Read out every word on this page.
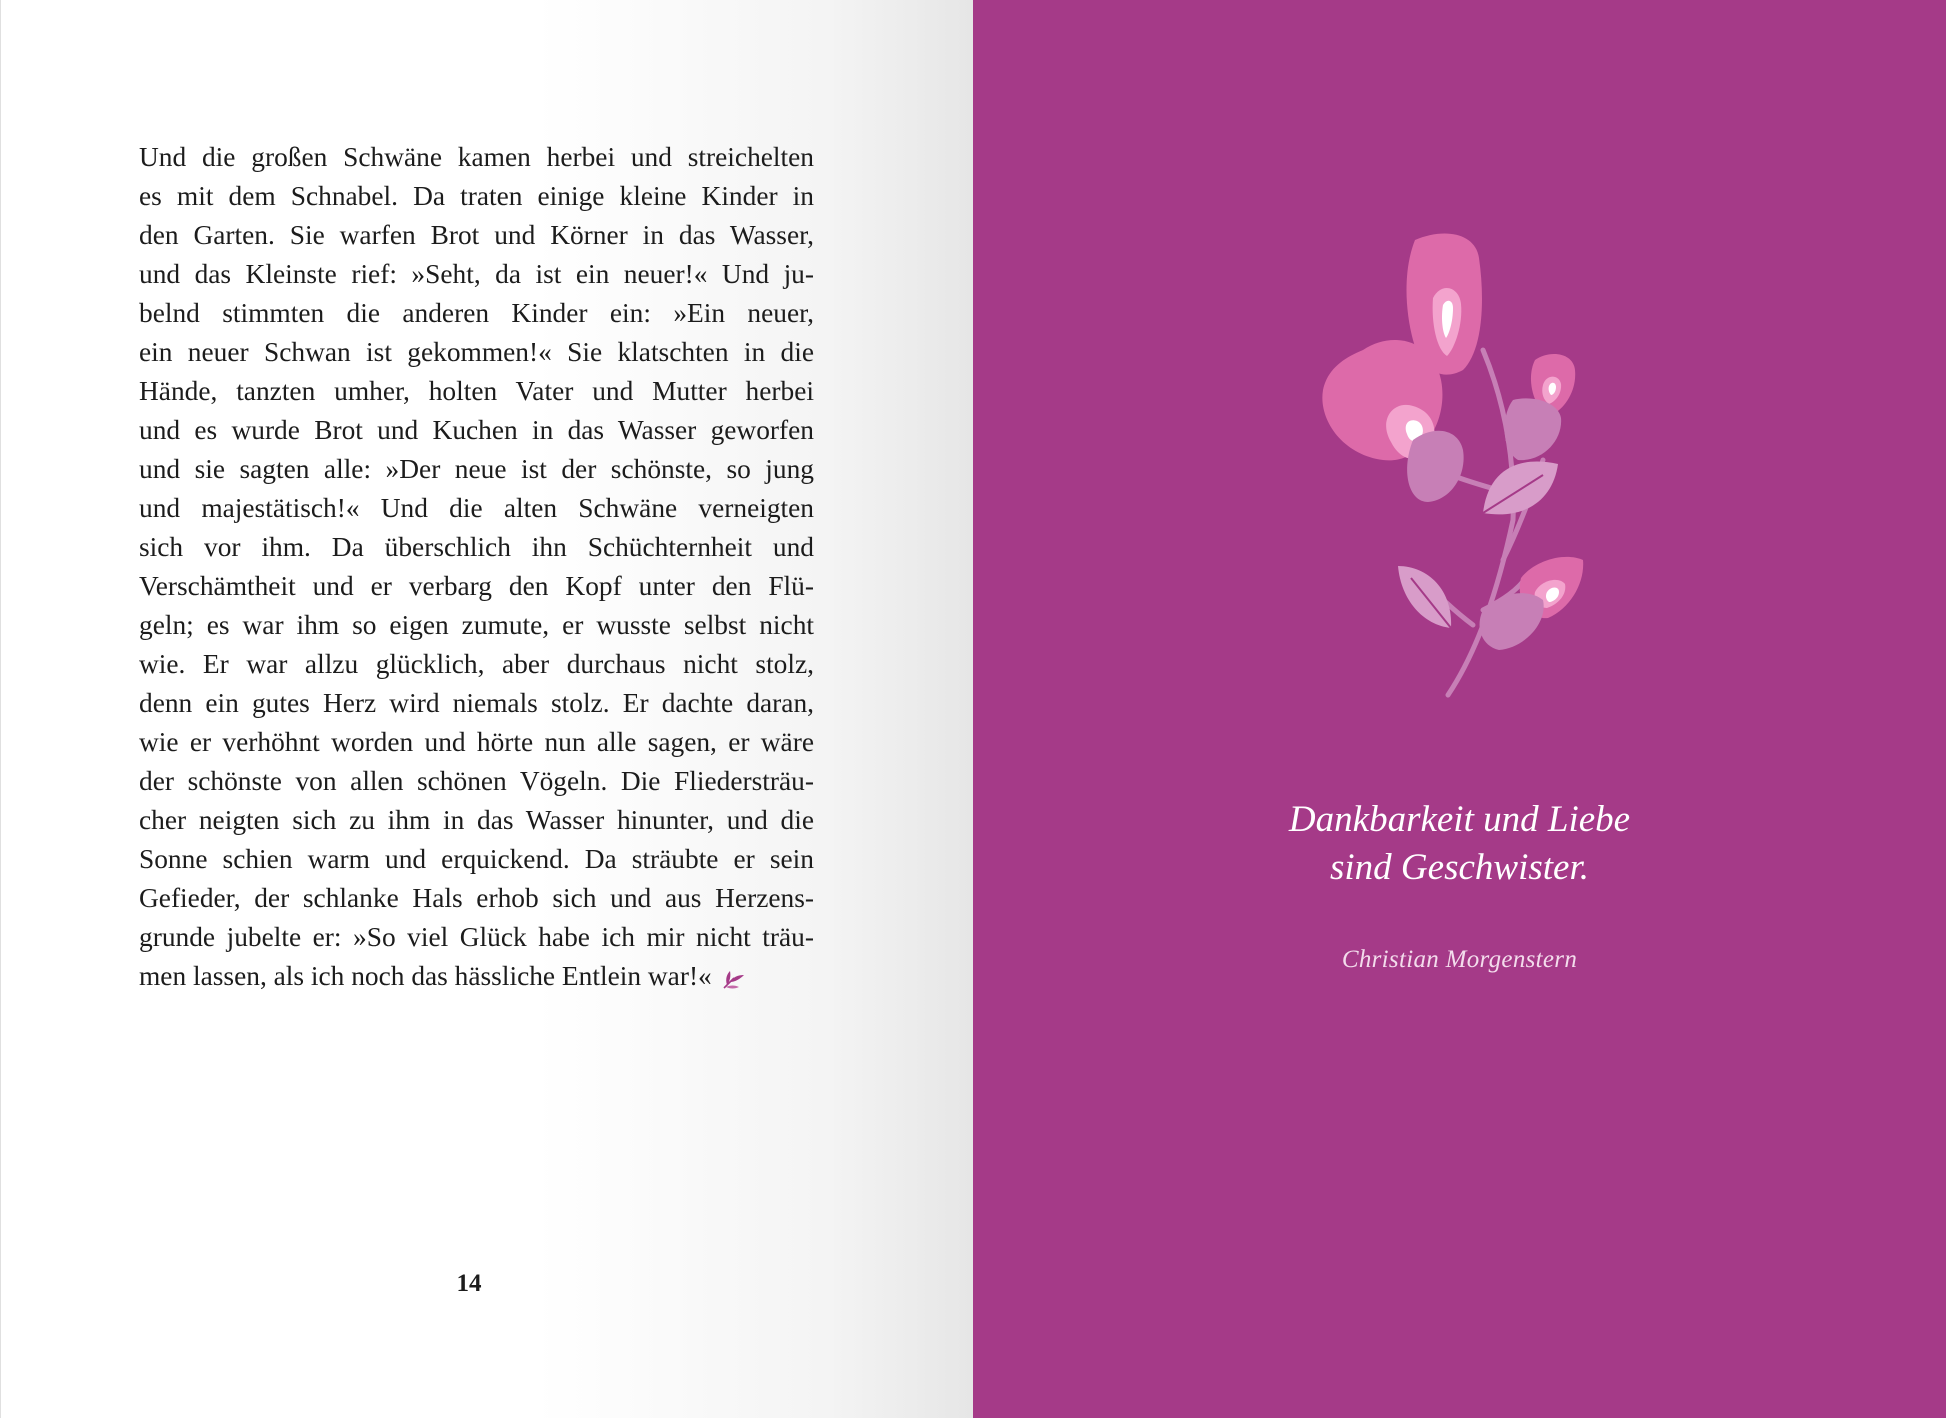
Und die großen Schwäne kamen herbei und streichelten
es mit dem Schnabel. Da traten einige kleine Kinder in
den Garten. Sie warfen Brot und Körner in das Wasser,
und das Kleinste rief: »Seht, da ist ein neuer!« Und ju-
belnd stimmten die anderen Kinder ein: »Ein neuer,
ein neuer Schwan ist gekommen!« Sie klatschten in die
Hände, tanzten umher, holten Vater und Mutter herbei
und es wurde Brot und Kuchen in das Wasser geworfen
und sie sagten alle: »Der neue ist der schönste, so jung
und majestätisch!« Und die alten Schwäne verneigten
sich vor ihm. Da überschlich ihn Schüchternheit und
Verschämtheit und er verbarg den Kopf unter den Flü-
geln; es war ihm so eigen zumute, er wusste selbst nicht
wie. Er war allzu glücklich, aber durchaus nicht stolz,
denn ein gutes Herz wird niemals stolz. Er dachte daran,
wie er verhöhnt worden und hörte nun alle sagen, er wäre
der schönste von allen schönen Vögeln. Die Fliedersträu-
cher neigten sich zu ihm in das Wasser hinunter, und die
Sonne schien warm und erquickend. Da sträubte er sein
Gefieder, der schlanke Hals erhob sich und aus Herzens-
grunde jubelte er: »So viel Glück habe ich mir nicht träu-
men lassen, als ich noch das hässliche Entlein war!«
14
Dankbarkeit und Liebe
sind Geschwister.
Christian Morgenstern
